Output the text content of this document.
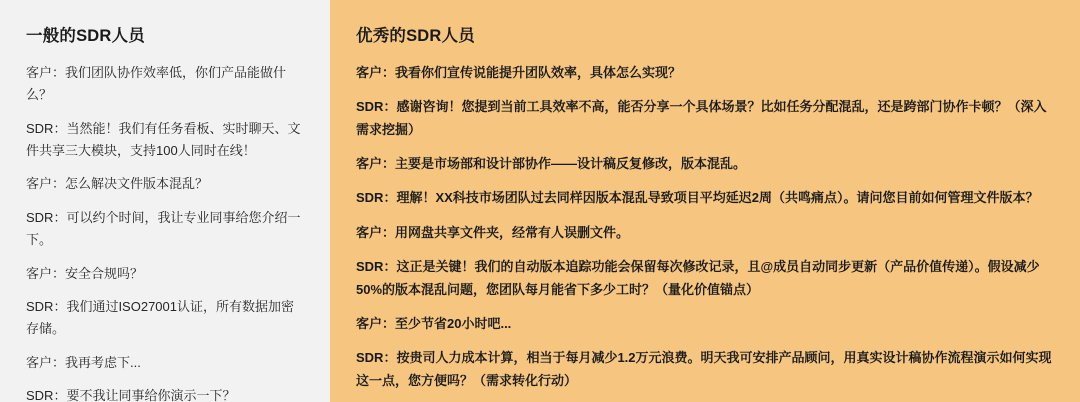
一般的SDR人员

客户：我们团队协作效率低，你们产品能做什么？

SDR：当然能！我们有任务看板、实时聊天、文件共享三大模块，支持100人同时在线！

客户：怎么解决文件版本混乱？

SDR：可以约个时间，我让专业同事给您介绍一下。

客户：安全合规吗？

SDR：我们通过ISO27001认证，所有数据加密存储。

客户：我再考虑下...

SDR：要不我让同事给你演示一下？

优秀的SDR人员

客户：我看你们宣传说能提升团队效率，具体怎么实现？

SDR：感谢咨询！您提到当前工具效率不高，能否分享一个具体场景？比如任务分配混乱，还是跨部门协作卡顿？（深入需求挖掘）

客户：主要是市场部和设计部协作——设计稿反复修改，版本混乱。

SDR：理解！XX科技市场团队过去同样因版本混乱导致项目平均延迟2周（共鸣痛点）。请问您目前如何管理文件版本？

客户：用网盘共享文件夹，经常有人误删文件。

SDR：这正是关键！我们的自动版本追踪功能会保留每次修改记录，且@成员自动同步更新（产品价值传递）。假设减少50%的版本混乱问题，您团队每月能省下多少工时？（量化价值锚点）

客户：至少节省20小时吧...

SDR：按贵司人力成本计算，相当于每月减少1.2万元浪费。明天我可安排产品顾问，用真实设计稿协作流程演示如何实现这一点，您方便吗？（需求转化行动）
